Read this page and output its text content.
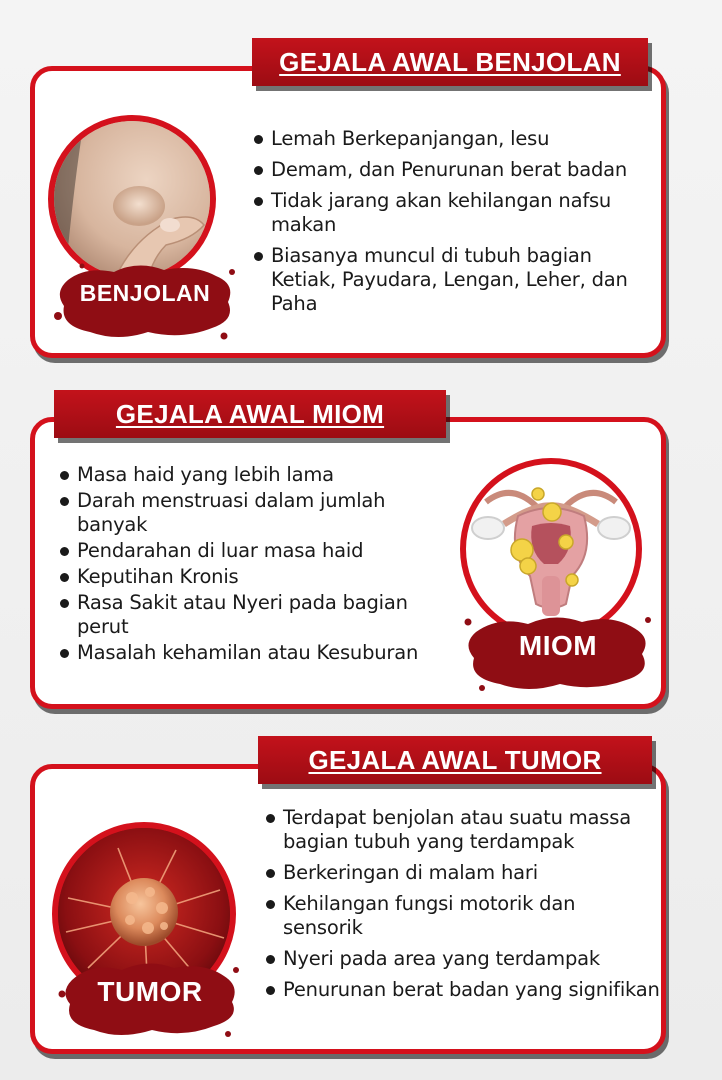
GEJALA AWAL BENJOLAN
BENJOLAN
Lemah Berkepanjangan, lesu
Demam, dan Penurunan berat badan
Tidak jarang akan kehilangan nafsu makan
Biasanya muncul di tubuh bagian Ketiak, Payudara, Lengan, Leher, dan Paha
GEJALA AWAL MIOM
Masa haid yang lebih lama
Darah menstruasi dalam jumlah banyak
Pendarahan di luar masa haid
Keputihan Kronis
Rasa Sakit atau Nyeri pada bagian perut
Masalah kehamilan atau Kesuburan	MIOM
GEJALA AWAL TUMOR
TUMOR
Terdapat benjolan atau suatu massa bagian tubuh yang terdampak
Berkeringan di malam hari
Kehilangan fungsi motorik dan sensorik
Nyeri pada area yang terdampak
Penurunan berat badan yang signifikan
